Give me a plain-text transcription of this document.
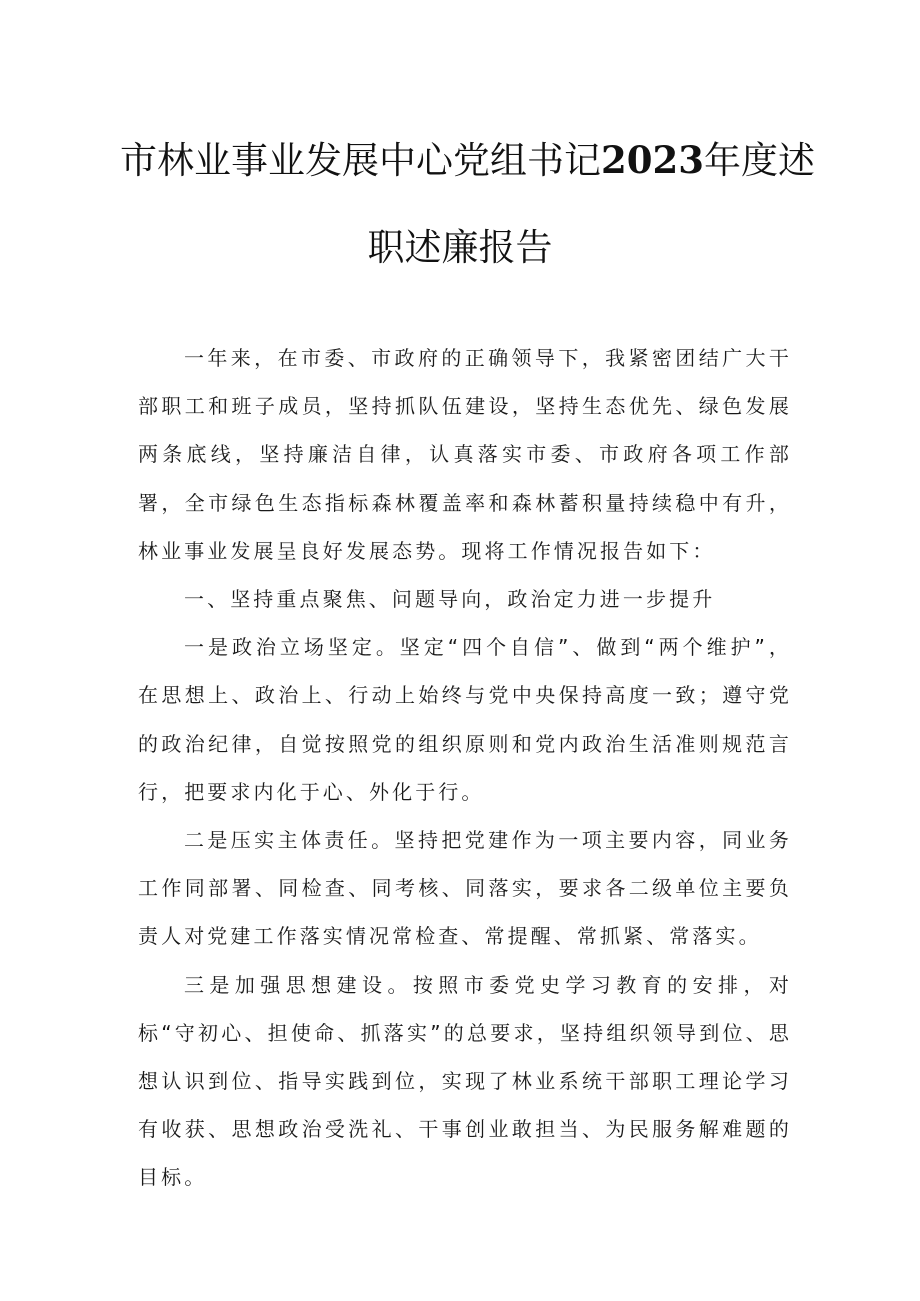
市林业事业发展中心党组书记2023年度述
职述廉报告

一年来，在市委、市政府的正确领导下，我紧密团结广大干部职工和班子成员，坚持抓队伍建设，坚持生态优先、绿色发展两条底线，坚持廉洁自律，认真落实市委、市政府各项工作部署，全市绿色生态指标森林覆盖率和森林蓄积量持续稳中有升，林业事业发展呈良好发展态势。现将工作情况报告如下：

一、坚持重点聚焦、问题导向，政治定力进一步提升

一是政治立场坚定。坚定“四个自信”、做到“两个维护”，在思想上、政治上、行动上始终与党中央保持高度一致；遵守党的政治纪律，自觉按照党的组织原则和党内政治生活准则规范言行，把要求内化于心、外化于行。

二是压实主体责任。坚持把党建作为一项主要内容，同业务工作同部署、同检查、同考核、同落实，要求各二级单位主要负责人对党建工作落实情况常检查、常提醒、常抓紧、常落实。

三是加强思想建设。按照市委党史学习教育的安排，对标“守初心、担使命、抓落实”的总要求，坚持组织领导到位、思想认识到位、指导实践到位，实现了林业系统干部职工理论学习有收获、思想政治受洗礼、干事创业敢担当、为民服务解难题的目标。
